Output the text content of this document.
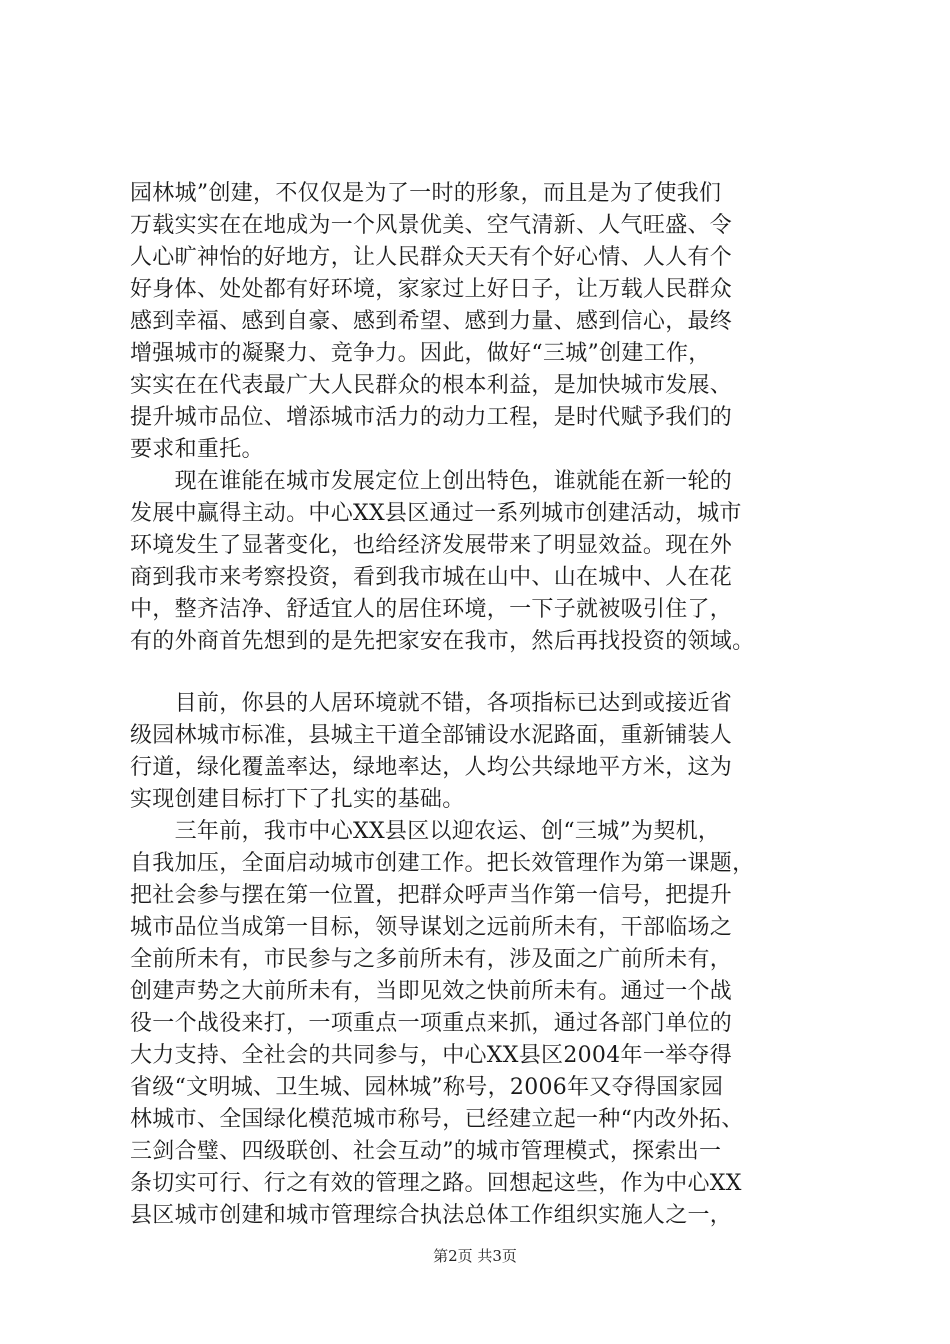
园林城”创建，不仅仅是为了一时的形象，而且是为了使我们
万载实实在在地成为一个风景优美、空气清新、人气旺盛、令
人心旷神怡的好地方，让人民群众天天有个好心情、人人有个
好身体、处处都有好环境，家家过上好日子，让万载人民群众
感到幸福、感到自豪、感到希望、感到力量、感到信心，最终
增强城市的凝聚力、竞争力。因此，做好“三城”创建工作，
实实在在代表最广大人民群众的根本利益，是加快城市发展、
提升城市品位、增添城市活力的动力工程，是时代赋予我们的
要求和重托。
　　现在谁能在城市发展定位上创出特色，谁就能在新一轮的
发展中赢得主动。中心XX县区通过一系列城市创建活动，城市
环境发生了显著变化，也给经济发展带来了明显效益。现在外
商到我市来考察投资，看到我市城在山中、山在城中、人在花
中，整齐洁净、舒适宜人的居住环境，一下子就被吸引住了，
有的外商首先想到的是先把家安在我市，然后再找投资的领域。
　　目前，你县的人居环境就不错，各项指标已达到或接近省
级园林城市标准，县城主干道全部铺设水泥路面，重新铺装人
行道，绿化覆盖率达，绿地率达，人均公共绿地平方米，这为
实现创建目标打下了扎实的基础。
　　三年前，我市中心XX县区以迎农运、创“三城”为契机，
自我加压，全面启动城市创建工作。把长效管理作为第一课题，
把社会参与摆在第一位置，把群众呼声当作第一信号，把提升
城市品位当成第一目标，领导谋划之远前所未有，干部临场之
全前所未有，市民参与之多前所未有，涉及面之广前所未有，
创建声势之大前所未有，当即见效之快前所未有。通过一个战
役一个战役来打，一项重点一项重点来抓，通过各部门单位的
大力支持、全社会的共同参与，中心XX县区2004年一举夺得
省级“文明城、卫生城、园林城”称号，2006年又夺得国家园
林城市、全国绿化模范城市称号，已经建立起一种“内改外拓、
三剑合璧、四级联创、社会互动”的城市管理模式，探索出一
条切实可行、行之有效的管理之路。回想起这些，作为中心XX
县区城市创建和城市管理综合执法总体工作组织实施人之一，
第2页 共3页
